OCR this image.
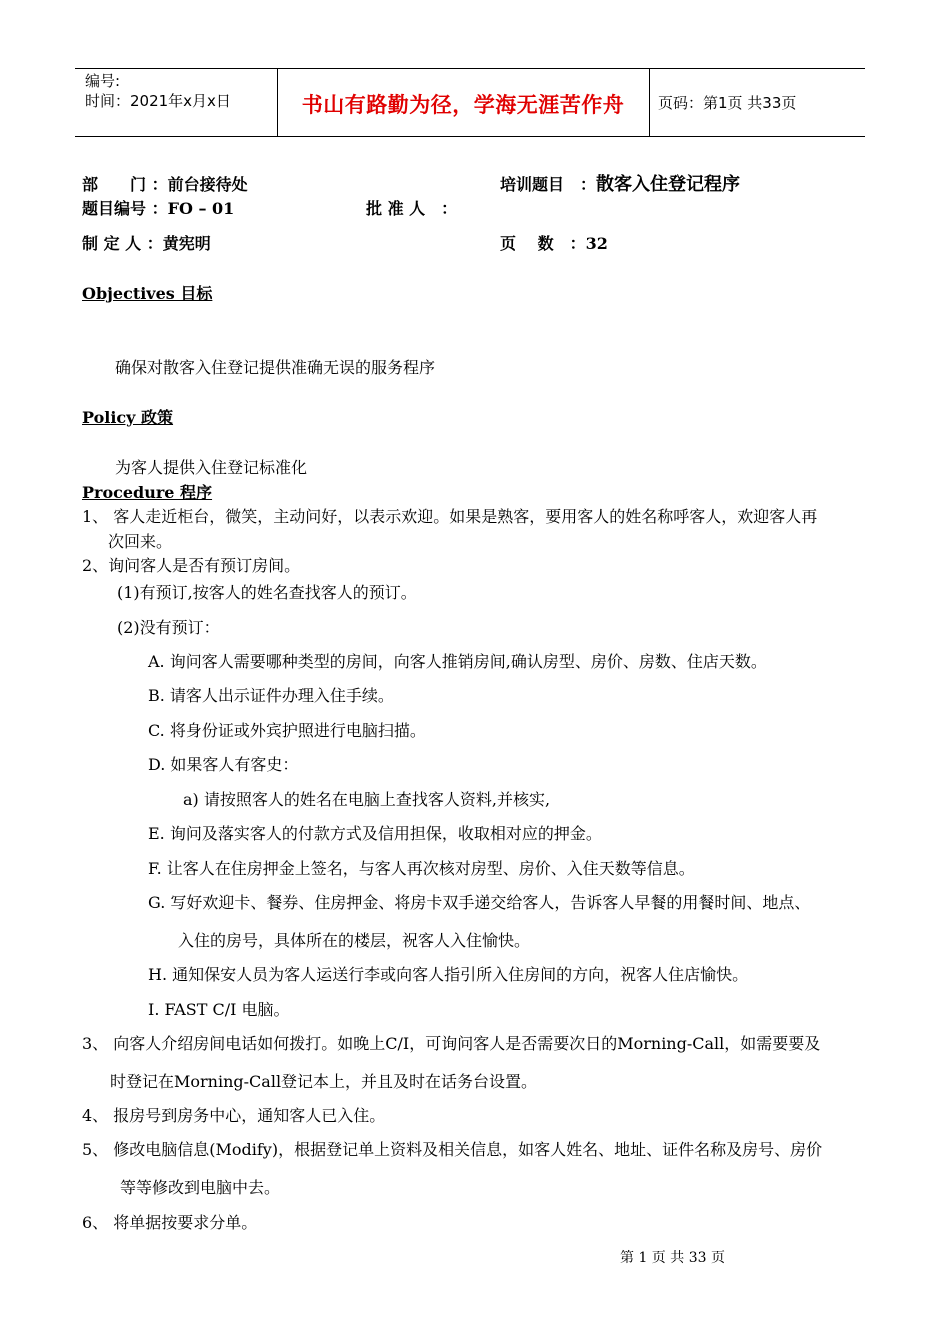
编号:
时间：2021年x月x日	书山有路勤为径，学海无涯苦作舟	页码：第1页 共33页
部　　门 ：前台接待处	培训题目　：散客入住登记程序
题目编号 ：FO – 01	批 准 人　：
制 定 人 ：黄宪明	页　 数　：32
Objectives 目标
确保对散客入住登记提供准确无误的服务程序
Policy 政策
为客人提供入住登记标准化
Procedure 程序
1、 客人走近柜台，微笑，主动问好，以表示欢迎。如果是熟客，要用客人的姓名称呼客人，欢迎客人再
次回来。
2、询问客人是否有预订房间。
(1)有预订,按客人的姓名查找客人的预订。
(2)没有预订：
A. 询问客人需要哪种类型的房间，向客人推销房间,确认房型、房价、房数、住店天数。
B. 请客人出示证件办理入住手续。
C. 将身份证或外宾护照进行电脑扫描。
D. 如果客人有客史：
a) 请按照客人的姓名在电脑上查找客人资料,并核实,
E. 询问及落实客人的付款方式及信用担保，收取相对应的押金。
F. 让客人在住房押金上签名，与客人再次核对房型、房价、入住天数等信息。
G. 写好欢迎卡、餐券、住房押金、将房卡双手递交给客人，告诉客人早餐的用餐时间、地点、
入住的房号，具体所在的楼层，祝客人入住愉快。
H. 通知保安人员为客人运送行李或向客人指引所入住房间的方向，祝客人住店愉快。
I. FAST C/I 电脑。
3、 向客人介绍房间电话如何拨打。如晚上C/I，可询问客人是否需要次日的Morning-Call，如需要要及
时登记在Morning-Call登记本上，并且及时在话务台设置。
4、 报房号到房务中心，通知客人已入住。
5、 修改电脑信息(Modify)，根据登记单上资料及相关信息，如客人姓名、地址、证件名称及房号、房价
等等修改到电脑中去。
6、 将单据按要求分单。
第 1 页 共 33 页
